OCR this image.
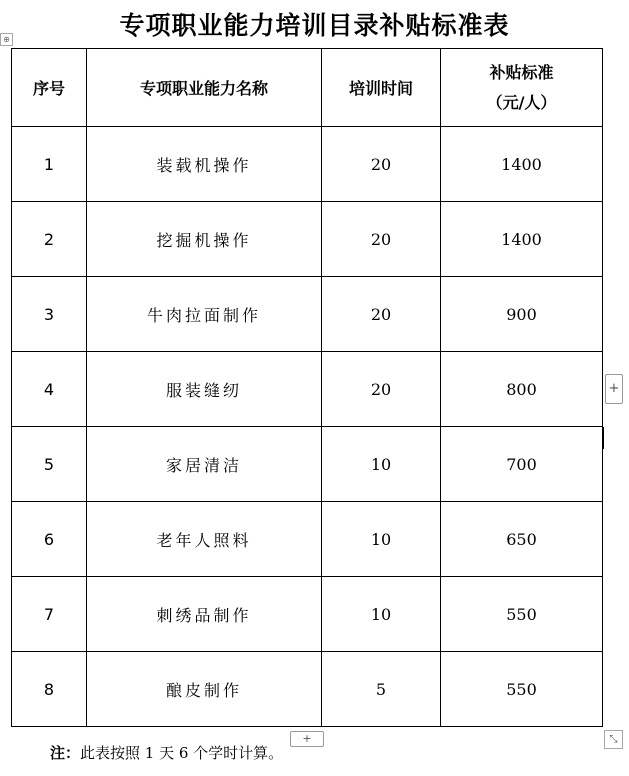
专项职业能力培训目录补贴标准表
⊕
序号	专项职业能力名称	培训时间	补贴标准
（元/人）

1	装载机操作	20	1400
2	挖掘机操作	20	1400
3	牛肉拉面制作	20	900
4	服装缝纫	20	800
5	家居清洁	10	700
6	老年人照料	10	650
7	刺绣品制作	10	550
8	酿皮制作	5	550
+
+	⤡
注：此表按照 1 天 6 个学时计算。
